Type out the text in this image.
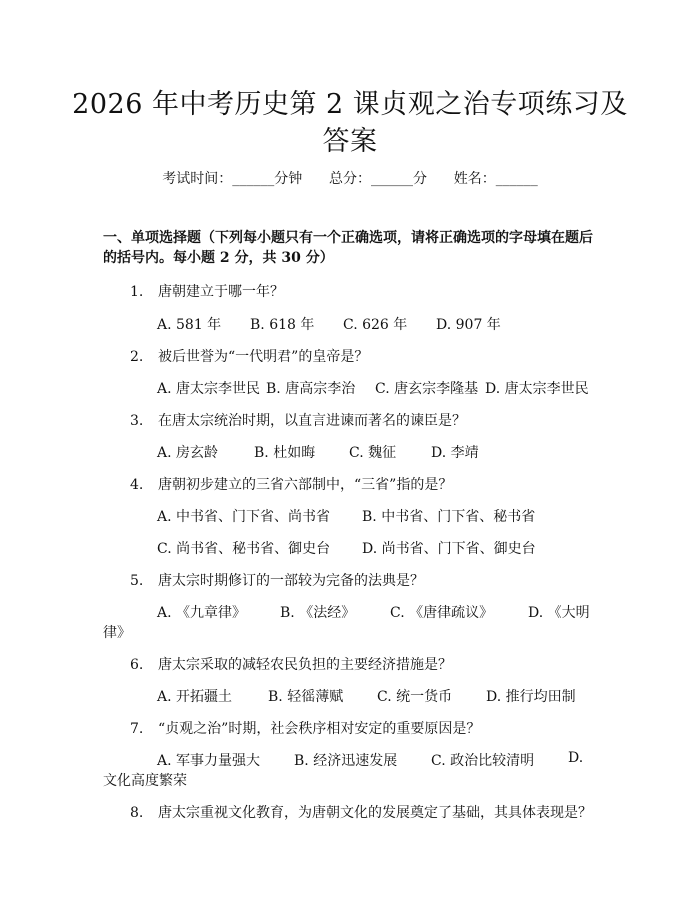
2026 年中考历史第 2 课贞观之治专项练习及
答案
考试时间：______分钟 总分：______分 姓名：______
一、单项选择题（下列每小题只有一个正确选项，请将正确选项的字母填在题后的括号内。每小题 2 分，共 30 分）
1. 唐朝建立于哪一年？
A. 581 年 B. 618 年 C. 626 年 D. 907 年
2. 被后世誉为“一代明君”的皇帝是？
A. 唐太宗李世民 B. 唐高宗李治 C. 唐玄宗李隆基 D. 唐太宗李世民
3. 在唐太宗统治时期，以直言进谏而著名的谏臣是？
A. 房玄龄	B. 杜如晦 C. 魏征 D. 李靖
4. 唐朝初步建立的三省六部制中，“三省”指的是？
A. 中书省、门下省、尚书省 B. 中书省、门下省、秘书省
C. 尚书省、秘书省、御史台 D. 尚书省、门下省、御史台
5. 唐太宗时期修订的一部较为完备的法典是？
A. 《九章律》 B. 《法经》 C. 《唐律疏议》 D. 《大明
律》
6. 唐太宗采取的减轻农民负担的主要经济措施是？
A. 开拓疆土	B. 轻徭薄赋 C. 统一货币 D. 推行均田制
7. “贞观之治”时期，社会秩序相对安定的重要原因是？
A. 军事力量强大 B. 经济迅速发展 C. 政治比较清明 D.
文化高度繁荣
8. 唐太宗重视文化教育，为唐朝文化的发展奠定了基础，其具体表现是？
